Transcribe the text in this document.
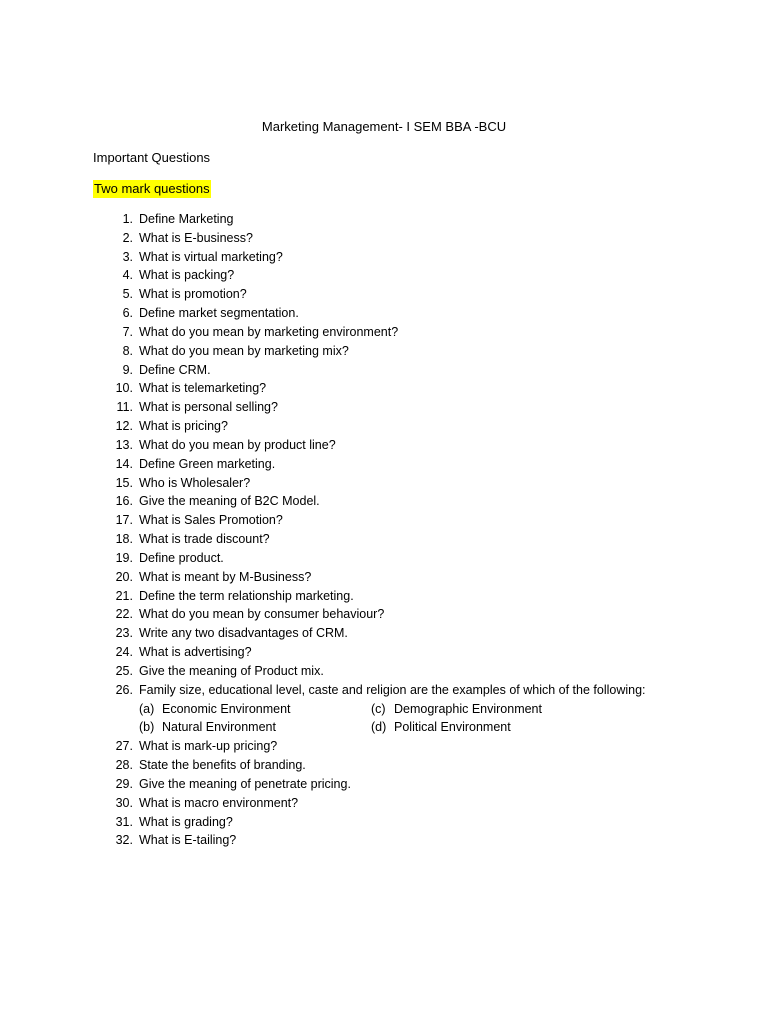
Marketing Management- I SEM BBA -BCU
Important Questions
Two mark questions
1. Define Marketing
2. What is E-business?
3. What is virtual marketing?
4. What is packing?
5. What is promotion?
6. Define market segmentation.
7. What do you mean by marketing environment?
8. What do you mean by marketing mix?
9. Define CRM.
10. What is telemarketing?
11. What is personal selling?
12. What is pricing?
13. What do you mean by product line?
14. Define Green marketing.
15. Who is Wholesaler?
16. Give the meaning of B2C Model.
17. What is Sales Promotion?
18. What is trade discount?
19. Define product.
20. What is meant by M-Business?
21. Define the term relationship marketing.
22. What do you mean by consumer behaviour?
23. Write any two disadvantages of CRM.
24. What is advertising?
25. Give the meaning of Product mix.
26. Family size, educational level, caste and religion are the examples of which of the following:
(a) Economic Environment	(c) Demographic Environment
(b) Natural Environment	(d) Political Environment
27. What is mark-up pricing?
28. State the benefits of branding.
29. Give the meaning of penetrate pricing.
30. What is macro environment?
31. What is grading?
32. What is E-tailing?
